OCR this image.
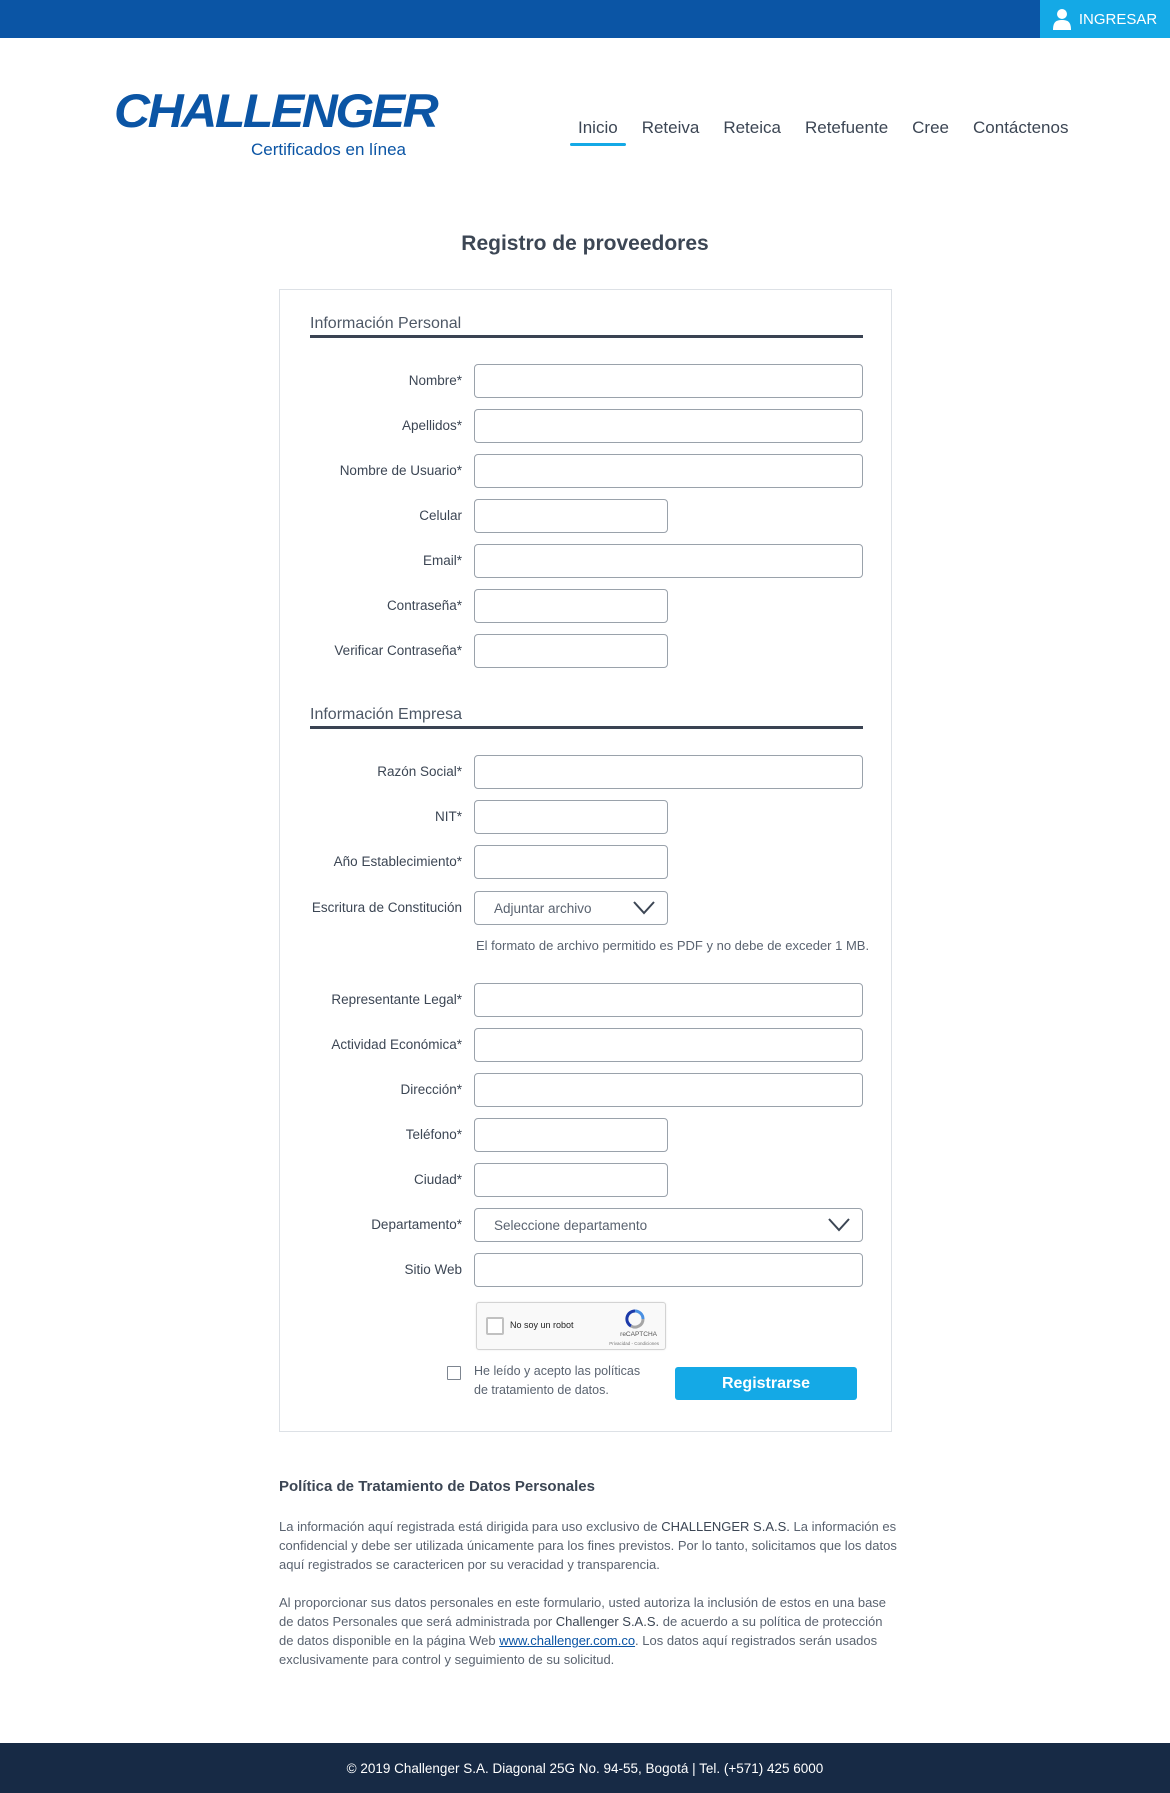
INGRESAR
CHALLENGER
Certificados en línea
Inicio	Reteiva	Reteica	Retefuente	Cree	Contáctenos
Registro de proveedores
Información Personal
Nombre*
Apellidos*
Nombre de Usuario*
Celular
Email*
Contraseña*
Verificar Contraseña*
Información Empresa
Razón Social*
NIT*
Año Establecimiento*
Escritura de Constitución Adjuntar archivo
El formato de archivo permitido es PDF y no debe de exceder 1 MB.
Representante Legal*
Actividad Económica*
Dirección*
Teléfono*
Ciudad*
Departamento* Seleccione departamento
Sitio Web
No soy un robot
reCAPTCHA
Privacidad - Condiciones
He leído y acepto las políticas de tratamiento de datos.	Registrarse
Política de Tratamiento de Datos Personales

La información aquí registrada está dirigida para uso exclusivo de CHALLENGER S.A.S. La información es confidencial y debe ser utilizada únicamente para los fines previstos. Por lo tanto, solicitamos que los datos aquí registrados se caractericen por su veracidad y transparencia.

Al proporcionar sus datos personales en este formulario, usted autoriza la inclusión de estos en una base de datos Personales que será administrada por Challenger S.A.S. de acuerdo a su política de protección de datos disponible en la página Web www.challenger.com.co. Los datos aquí registrados serán usados exclusivamente para control y seguimiento de su solicitud.

© 2019 Challenger S.A. Diagonal 25G No. 94-55, Bogotá | Tel. (+571) 425 6000
